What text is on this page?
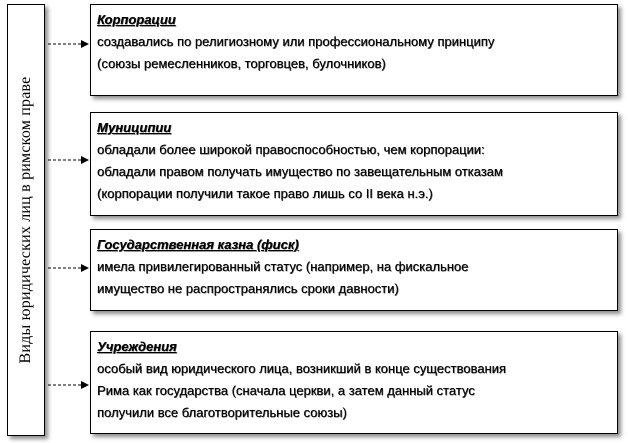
Виды юридических лиц в римском праве
Корпорации
создавались по религиозному или профессиональному принципу
(союзы ремесленников, торговцев, булочников)
Муниципии
обладали более широкой правоспособностью, чем корпорации:
обладали правом получать имущество по завещательным отказам
(корпорации получили такое право лишь со II века н.э.)
Государственная казна (фиск)
имела привилегированный статус (например, на фискальное
имущество не распространялись сроки давности)
Учреждения
особый вид юридического лица, возникший в конце существования
Рима как государства (сначала церкви, а затем данный статус
получили все благотворительные союзы)
